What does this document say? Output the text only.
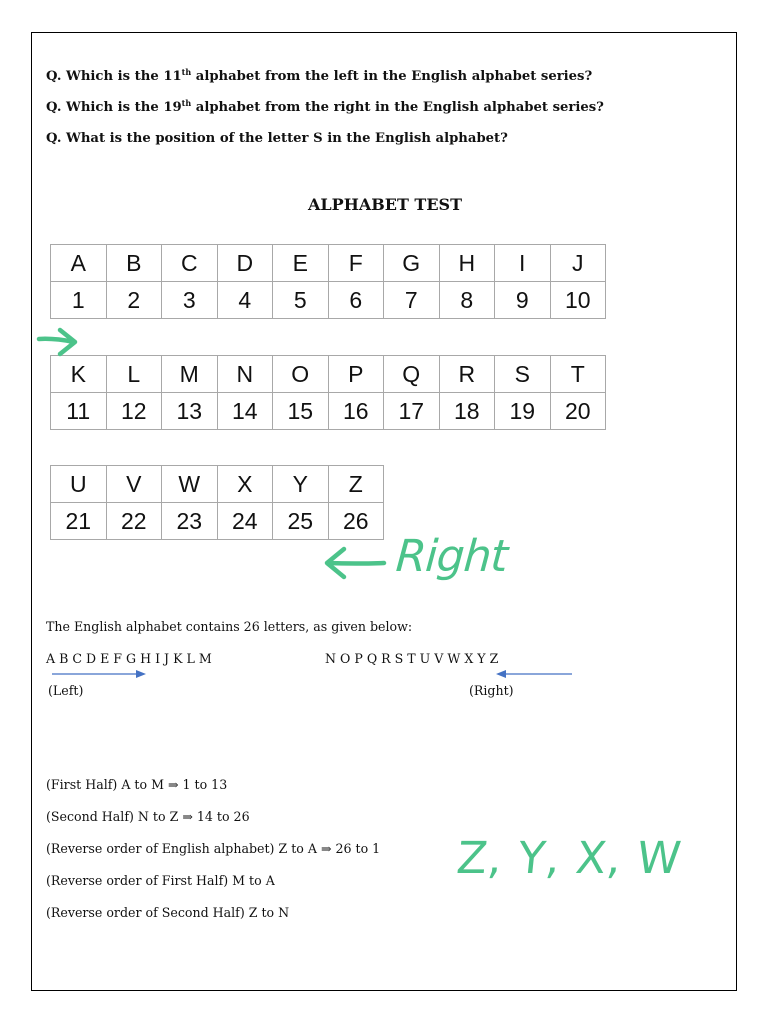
Q. Which is the 11th alphabet from the left in the English alphabet series?

Q. Which is the 19th alphabet from the right in the English alphabet series?

Q. What is the position of the letter S in the English alphabet?

ALPHABET TEST

A	B	C	D	E	F	G	H	I	J
1	2	3	4	5	6	7	8	9	10
K	L	M	N	O	P	Q	R	S	T
11	12	13	14	15	16	17	18	19	20
U	V	W	X	Y	Z
21	22	23	24	25	26
Right

The English alphabet contains 26 letters, as given below:

A B C D E F G H I J K L M	N O P Q R S T U V W X Y Z

(Left)	(Right)

(First Half) A to M ⇒ 1 to 13

(Second Half) N to Z ⇒ 14 to 26

(Reverse order of English alphabet) Z to A ⇒ 26 to 1

(Reverse order of First Half) M to A

(Reverse order of Second Half) Z to N

Z, Y, X, W
